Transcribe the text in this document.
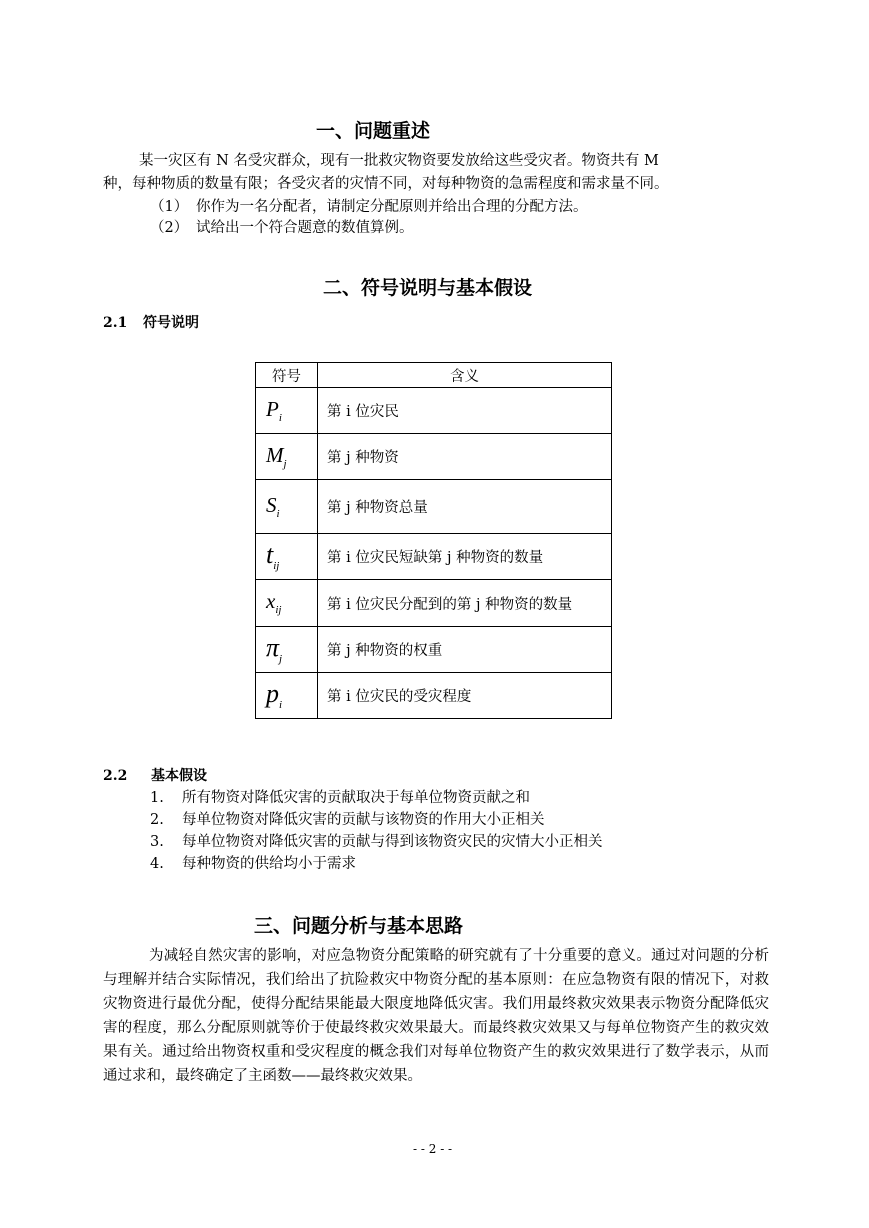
一、问题重述
某一灾区有 N 名受灾群众，现有一批救灾物资要发放给这些受灾者。物资共有 M
种，每种物质的数量有限；各受灾者的灾情不同，对每种物资的急需程度和需求量不同。
（1） 你作为一名分配者，请制定分配原则并给出合理的分配方法。
（2） 试给出一个符合题意的数值算例。
二、符号说明与基本假设
2.1 符号说明
符号	含义
$P_i$	第 i 位灾民
$M_j$	第 j 种物资
$S_i$	第 j 种物资总量
$t_{ij}$	第 i 位灾民短缺第 j 种物资的数量
$x_{ij}$	第 i 位灾民分配到的第 j 种物资的数量
$\pi_j$	第 j 种物资的权重
$p_i$	第 i 位灾民的受灾程度
2.2 基本假设
1. 所有物资对降低灾害的贡献取决于每单位物资贡献之和
2. 每单位物资对降低灾害的贡献与该物资的作用大小正相关
3. 每单位物资对降低灾害的贡献与得到该物资灾民的灾情大小正相关
4. 每种物资的供给均小于需求
三、问题分析与基本思路
为减轻自然灾害的影响，对应急物资分配策略的研究就有了十分重要的意义。通过对问题的分析与理解并结合实际情况，我们给出了抗险救灾中物资分配的基本原则：在应急物资有限的情况下，对救灾物资进行最优分配，使得分配结果能最大限度地降低灾害。我们用最终救灾效果表示物资分配降低灾害的程度，那么分配原则就等价于使最终救灾效果最大。而最终救灾效果又与每单位物资产生的救灾效果有关。通过给出物资权重和受灾程度的概念我们对每单位物资产生的救灾效果进行了数学表示，从而通过求和，最终确定了主函数——最终救灾效果。
- - 2 - -
